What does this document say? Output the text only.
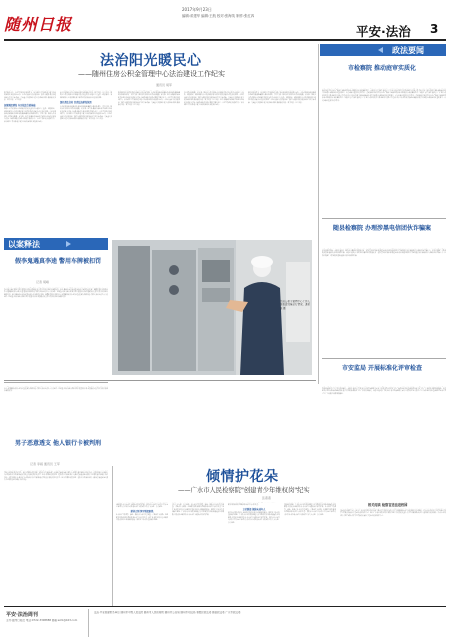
随州日报
2017年9月23日
编辑:邓建华 编辑:王航 校对:张海英 制作:张红四
平安·法治 3
法治阳光暖民心
——随州住房公积金管理中心法治建设工作纪实
通讯员 胡军
近年来,随州住房公积金管理中心以法治建设为引领,全面推进依法行政,不断提升服务水平。中心坚持把法治建设作为一项基础性工作来抓,建立健全各项规章制度,规范权力运行。中心认真落实法治建设第一责任人职责,将法治建设纳入年度目标考核。完善重大决策程序,建立法律顾问制度,做到依法决策、科学决策、民主决策。
加强制度建设 夯实依法行政基础
围绕七五普法规划,中心积极开展法治宣传活动,通过上门宣传、政策解读、案例讲解等方式,提高缴存职工和单位的法律意识,营造良好氛围。中心不断深化放管服改革,优化审批流程,精简办事材料,推行一次性告知、限时办结等制度,让群众少跑腿、好办事。近年来,随州住房公积金管理中心以法治建设为引领,全面推进依法行政,不断提升服务水平。中心坚持把法治建设作为一项基础性工作来抓,建立健全各项规章制度,规范权力运行。
中心认真落实法治建设第一责任人职责,将法治建设纳入年度目标考核。完善重大决策程序,建立法律顾问制度,做到依法决策、科学决策、民主决策。围绕七五普法规划,中心积极开展法治宣传活动,通过上门宣传、政策解读、案例讲解等方式,提高缴存职工和单位的法律意识,营造良好氛围。
深化普法宣传 营造法治建设氛围
中心不断深化放管服改革,优化审批流程,精简办事材料,推行一次性告知、限时办结等制度,让群众少跑腿、好办事。近年来,随州住房公积金管理中心以法治建设为引领,全面推进依法行政,不断提升服务水平。中心坚持把法治建设作为一项基础性工作来抓,建立健全各项规章制度,规范权力运行。中心认真落实法治建设第一责任人职责,将法治建设纳入年度目标考核。完善重大决策程序,建立法律顾问制度,做到依法决策、科学决策、民主决策。
围绕七五普法规划,中心积极开展法治宣传活动,通过上门宣传、政策解读、案例讲解等方式,提高缴存职工和单位的法律意识,营造良好氛围。中心不断深化放管服改革,优化审批流程,精简办事材料,推行一次性告知、限时办结等制度,让群众少跑腿、好办事。近年来,随州住房公积金管理中心以法治建设为引领,全面推进依法行政,不断提升服务水平。中心坚持把法治建设作为一项基础性工作来抓,建立健全各项规章制度,规范权力运行。中心认真落实法治建设第一责任人职责,将法治建设纳入年度目标考核。完善重大决策程序,建立法律顾问制度,做到依法决策、科学决策、民主决策。
中心不断深化放管服改革,优化审批流程,精简办事材料,推行一次性告知、限时办结等制度,让群众少跑腿、好办事。围绕七五普法规划,中心积极开展法治宣传活动,通过上门宣传、政策解读、案例讲解等方式,提高缴存职工和单位的法律意识,营造良好氛围。中心认真落实法治建设第一责任人职责,将法治建设纳入年度目标考核。完善重大决策程序,建立法律顾问制度,做到依法决策、科学决策、民主决策。近年来,随州住房公积金管理中心以法治建设为引领,全面推进依法行政,不断提升服务水平。中心坚持把法治建设作为一项基础性工作来抓,建立健全各项规章制度,规范权力运行。
近年来,随州住房公积金管理中心以法治建设为引领,全面推进依法行政,不断提升服务水平。中心坚持把法治建设作为一项基础性工作来抓,建立健全各项规章制度,规范权力运行。中心不断深化放管服改革,优化审批流程,精简办事材料,推行一次性告知、限时办结等制度,让群众少跑腿、好办事。围绕七五普法规划,中心积极开展法治宣传活动,通过上门宣传、政策解读、案例讲解等方式,提高缴存职工和单位的法律意识,营造良好氛围。中心认真落实法治建设第一责任人职责,将法治建设纳入年度目标考核。完善重大决策程序,建立法律顾问制度,做到依法决策、科学决策、民主决策。
住房公积金管理中心工作人员检查设备运行情况。通讯员 摄
以案释法
假李鬼遇真李逵 警用车牌被扣罚
记者 胡峰
近日,随州市公安局交警支队在日常巡查中发现一辆悬挂警用车牌的小车,交警随即对该车进行检查,发现车牌系伪造,驾驶人刘某无法出示合法证件。经调查,刘某为图方便私自购买假警用车牌,交警依法对其作出罚款并扣留车辆的处罚。近日,随州市公安局交警支队在日常巡查中发现一辆悬挂警用车牌的小车,交警随即对该车进行检查,发现车牌系伪造,驾驶人刘某无法出示合法证件。经调查,刘某为图方便私自购买假警用车牌,交警依法对其作出罚款并扣留车辆的处罚。近日,随州市公安局交警支队在日常巡查中发现一辆悬挂警用车牌的小车,交警随即对该车进行检查,发现车牌系伪造,驾驶人刘某无法出示合法证件。经调查,刘某为图方便私自购买假警用车牌,交警依法对其作出罚款并扣留车辆的处罚。
男子恶意透支 他人银行卡被判刑
记者 李娟 通讯员 王军
经调查,刘某为图方便私自购买假警用车牌,交警依法对其作出罚款并扣留车辆的处罚。近日,随州市公安局交警支队在日常巡查中发现一辆悬挂警用车牌的小车,交警随即对该车进行检查,发现车牌系伪造,驾驶人刘某无法出示合法证件。经调查,刘某为图方便私自购买假警用车牌,交警依法对其作出罚款并扣留车辆的处罚。
近日,曾都区法院审理一起信用卡诈骗案,被告人张某恶意透支他人银行卡,经银行多次催收后仍不归还。法院审理认为,张某行为已构成信用卡诈骗罪,依法判处其有期徒刑并处罚金。近日,曾都区法院审理一起信用卡诈骗案,被告人张某恶意透支他人银行卡,经银行多次催收后仍不归还。法院审理认为,张某行为已构成信用卡诈骗罪,依法判处其有期徒刑并处罚金。近日,曾都区法院审理一起信用卡诈骗案,被告人张某恶意透支他人银行卡,经银行多次催收后仍不归还。法院审理认为,张某行为已构成信用卡诈骗罪,依法判处其有期徒刑并处罚金。近日,曾都区法院审理一起信用卡诈骗案,被告人张某恶意透支他人银行卡,经银行多次催收后仍不归还。
政法要闻
市检察院 推动庭审实质化
本报讯 记者 张玲 通讯员 王军 近日,市检察院召开推进庭审实质化工作会议,要求全市检察机关强化证据意识,提升出庭能力,确保庭审在查明事实、认定证据中发挥决定性作用。会议强调,要以审判为中心,严格落实证据裁判原则,不断提高办案质量和效率。本报讯 记者 张玲 通讯员 王军 近日,市检察院召开推进庭审实质化工作会议,要求全市检察机关强化证据意识,提升出庭能力,确保庭审在查明事实、认定证据中发挥决定性作用。会议强调,要以审判为中心,严格落实证据裁判原则,不断提高办案质量和效率。本报讯 记者 张玲 通讯员 王军 近日,市检察院召开推进庭审实质化工作会议,要求全市检察机关强化证据意识,提升出庭能力,确保庭审在查明事实、认定证据中发挥决定性作用。会议强调,要以审判为中心,严格落实证据裁判原则,不断提高办案质量和效率。本报讯 记者 张玲 通讯员 王军 近日,市检察院召开推进庭审实质化工作会议,要求全市检察机关强化证据意识,提升出庭能力,确保庭审在查明事实、认定证据中发挥决定性作用。
随县检察院 办理涉黑电信团伙诈骗案
本报讯 通讯员 刘勇 近日,随县检察院依法对一起涉黑电信诈骗团伙提起公诉,该团伙通过网络平台虚构投资项目骗取被害人钱财,涉案金额巨大。检察官提醒广大群众提高警惕,谨防各类电信网络诈骗。本报讯 通讯员 刘勇 近日,随县检察院依法对一起涉黑电信诈骗团伙提起公诉,该团伙通过网络平台虚构投资项目骗取被害人钱财,涉案金额巨大。检察官提醒广大群众提高警惕,谨防各类电信网络诈骗。本报讯 通讯员 刘勇 近日,随县检察院依法对一起涉黑电信诈骗团伙提起公诉,该团伙通过网络平台虚构投资项目骗取被害人钱财,涉案金额巨大。检察官提醒广大群众提高警惕,谨防各类电信网络诈骗。
市安监局 开展标准化评审检查
本报讯 通讯员 李明 近日,市安监局组织专家对全市部分企业开展安全生产标准化评审检查,督促企业落实安全生产主体责任,消除事故隐患。检查组要求企业对照标准逐项整改,建立长效机制,确保安全生产形势持续稳定。本报讯 通讯员 李明 近日,市安监局组织专家对全市部分企业开展安全生产标准化评审检查,督促企业落实安全生产主体责任,消除事故隐患。检查组要求企业对照标准逐项整改,建立长效机制,确保安全生产形势持续稳定。本报讯 通讯员 李明 近日,市安监局组织专家对全市部分企业开展安全生产标准化评审检查,督促企业落实安全生产主体责任,消除事故隐患。
倾情护花朵
——广水市人民检察院"创建青少年维权岗"纪实
张燕燕
广水市人民检察院以创建青少年维权岗为契机,积极履行检察职能,开展法治进校园活动,为未成年人健康成长保驾护航。该院成立未成年人检察工作办公室,配备专门检察官,对涉及未成年人的案件实行专人办理、专门管理。
建章立制 筑牢制度防线
在办案中坚持教育、感化、挽救方针,落实社会调查、合适成年人到场、心理疏导等特殊制度,帮助涉罪未成年人回归社会。近年来,该院检察官走进校园开展法治讲座,讲解校园欺凌、网络安全等内容,受到师生欢迎。
该院成立未成年人检察工作办公室,配备专门检察官,对涉及未成年人的案件实行专人办理、专门管理。在办案中坚持教育、感化、挽救方针,落实社会调查、合适成年人到场、心理疏导等特殊制度,帮助涉罪未成年人回归社会。近年来,该院检察官走进校园开展法治讲座,讲解校园欺凌、网络安全等内容,受到师生欢迎。广水市人民检察院以创建青少年维权岗为契机,积极履行检察职能,开展法治进校园活动,为未成年人健康成长保驾护航。
在办案中坚持教育、感化、挽救方针,落实社会调查、合适成年人到场、心理疏导等特殊制度,帮助涉罪未成年人回归社会。
立足职能 保障未成年人
近年来,该院检察官走进校园开展法治讲座,讲解校园欺凌、网络安全等内容,受到师生欢迎。广水市人民检察院以创建青少年维权岗为契机,积极履行检察职能,开展法治进校园活动,为未成年人健康成长保驾护航。该院成立未成年人检察工作办公室,配备专门检察官,对涉及未成年人的案件实行专人办理、专门管理。
近年来,该院检察官走进校园开展法治讲座,讲解校园欺凌、网络安全等内容,受到师生欢迎。广水市人民检察院以创建青少年维权岗为契机,积极履行检察职能,开展法治进校园活动,为未成年人健康成长保驾护航。在办案中坚持教育、感化、挽救方针,落实社会调查、合适成年人到场、心理疏导等特殊制度,帮助涉罪未成年人回归社会。该院成立未成年人检察工作办公室,配备专门检察官,对涉及未成年人的案件实行专人办理、专门管理。
相关阅读 检察官送法进校园
近日,广水市检察院检察官来到当地中学开展法治宣传,为学生讲解预防未成年人犯罪相关法律知识。活动中,检察官结合典型案例,引导学生增强法治意识,学会运用法律保护自己。近日,广水市检察院检察官来到当地中学开展法治宣传,为学生讲解预防未成年人犯罪相关法律知识。活动中,检察官结合典型案例,引导学生增强法治意识,学会运用法律保护自己。近日,广水市检察院检察官来到当地中学开展法治宣传,为学生讲解预防未成年人犯罪相关法律知识。活动中,检察官结合典型案例,引导学生增强法治意识,学会运用法律保护自己。
平安·法治周刊
主办:随州日报社 电话:0722-3308888 邮箱:szrb@163.com
法治·平安创建联系单位 随州市中级人民法院 随州市人民检察院 随州市公安局 随州市司法局 曾都区政法委 随县政法委 广水市政法委
